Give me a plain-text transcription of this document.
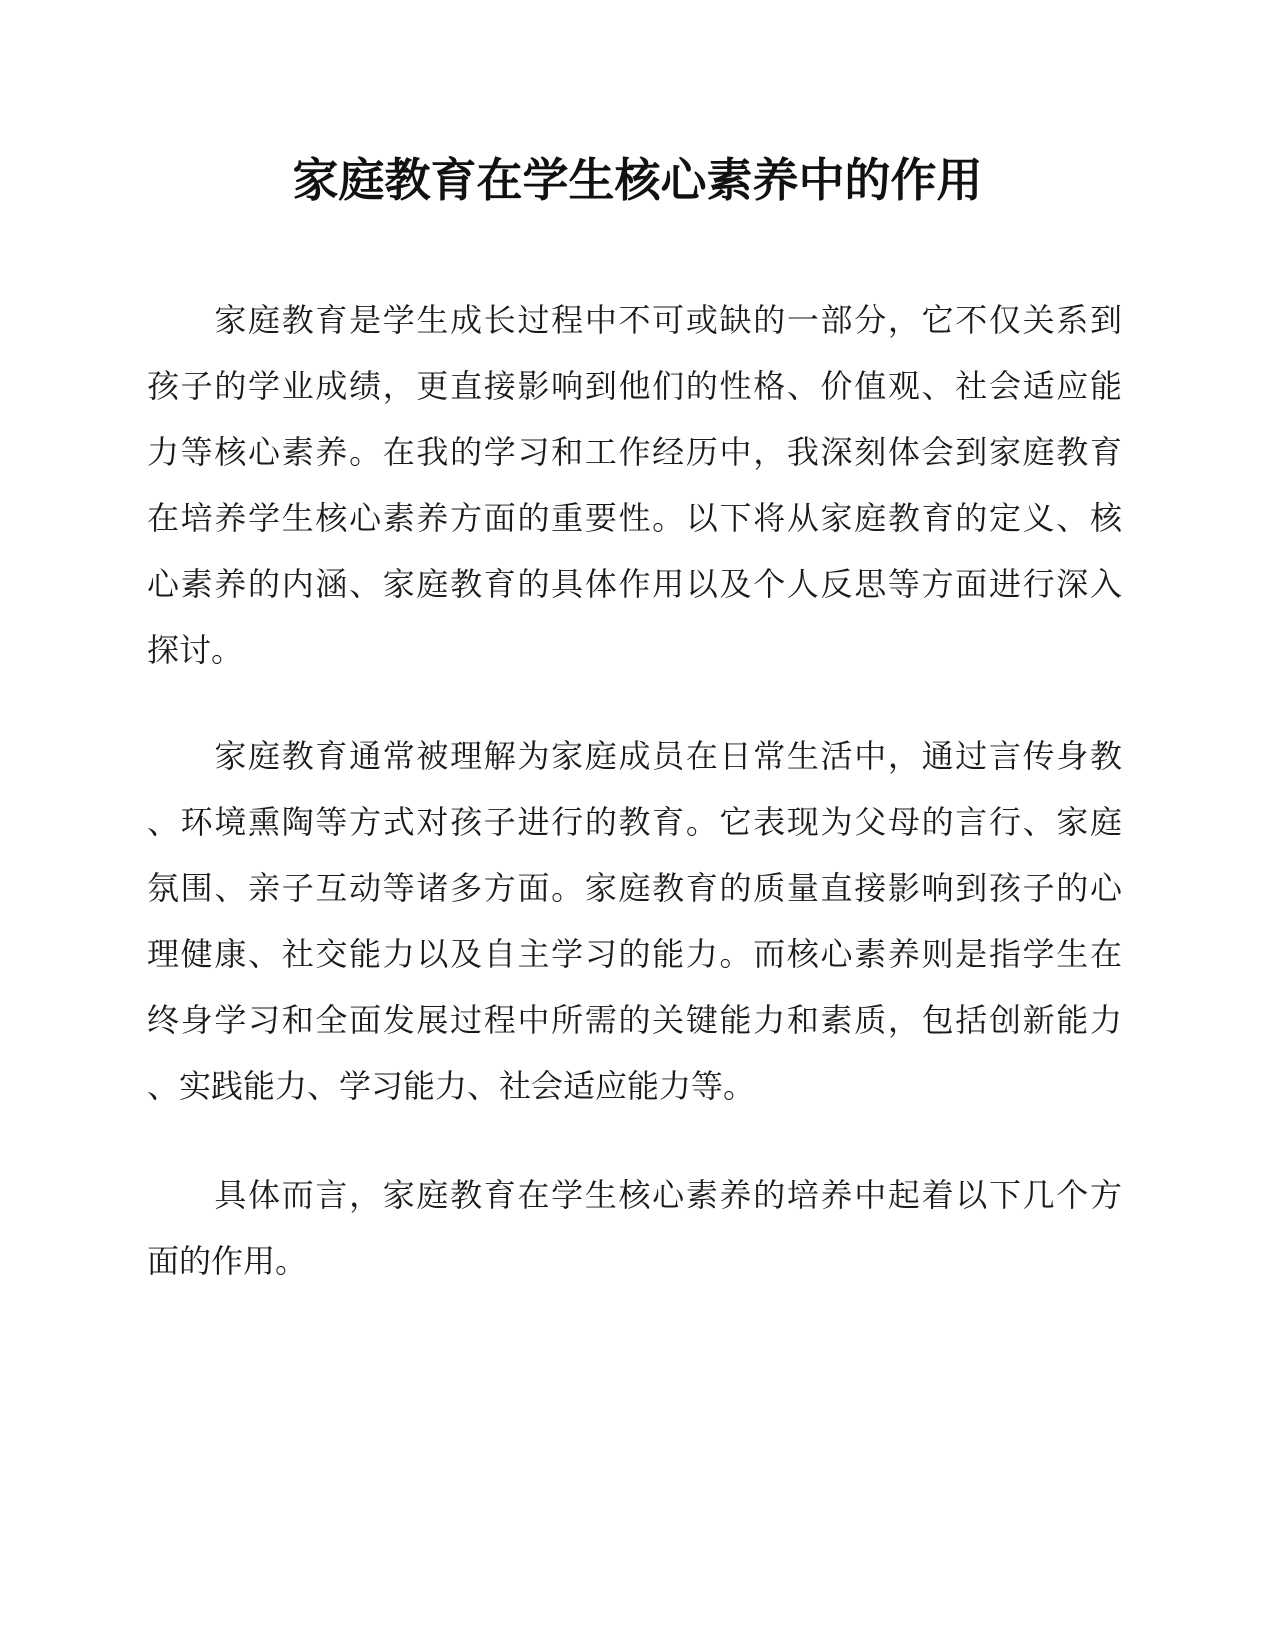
家庭教育在学生核心素养中的作用

　　家庭教育是学生成长过程中不可或缺的一部分，它不仅关系到
孩子的学业成绩，更直接影响到他们的性格、价值观、社会适应能
力等核心素养。在我的学习和工作经历中，我深刻体会到家庭教育
在培养学生核心素养方面的重要性。以下将从家庭教育的定义、核
心素养的内涵、家庭教育的具体作用以及个人反思等方面进行深入
探讨。

　　家庭教育通常被理解为家庭成员在日常生活中，通过言传身教
、环境熏陶等方式对孩子进行的教育。它表现为父母的言行、家庭
氛围、亲子互动等诸多方面。家庭教育的质量直接影响到孩子的心
理健康、社交能力以及自主学习的能力。而核心素养则是指学生在
终身学习和全面发展过程中所需的关键能力和素质，包括创新能力
、实践能力、学习能力、社会适应能力等。

　　具体而言，家庭教育在学生核心素养的培养中起着以下几个方
面的作用。
